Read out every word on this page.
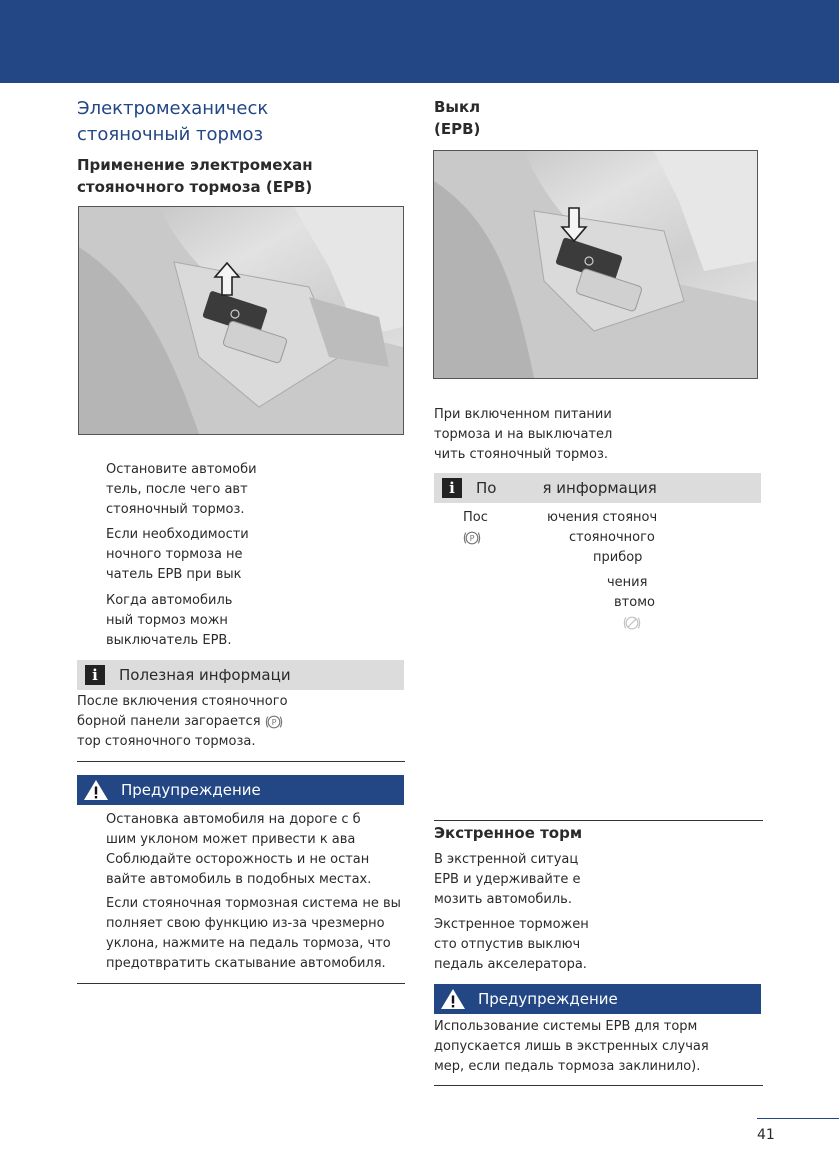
Электромеханическ
стояночный тормоз
Применение электромехан
стояночного тормоза (EPB)
Остановите автомоби
тель, после чего авт
стояночный тормоз.
Если необходимости
ночного тормоза не
чатель EPB при вык
Когда автомобиль
ный тормоз можн
выключатель EPB.
i	Полезная информаци
После включения стояночного
борной панели загорается P
тор стояночного тормоза.
Предупреждение
Остановка автомобиля на дороге с б
шим уклоном может привести к ава
Соблюдайте осторожность и не остан
вайте автомобиль в подобных местах.
Если стояночная тормозная система не вы
полняет свою функцию из-за чрезмерно
уклона, нажмите на педаль тормоза, что
предотвратить скатывание автомобиля.
Выкл
(EPB)
При включенном питании
тормоза и на выключател
чить стояночный тормоз.
i	По	я информация
Пос
P
ючения стояноч
стояночного
прибор
чения
втомо
Экстренное торм
В экстренной ситуац
EPB и удерживайте е
мозить автомобиль.
Экстренное торможен
сто отпустив выключ
педаль акселератора.
Предупреждение
Использование системы EPB для торм
допускается лишь в экстренных случая
мер, если педаль тормоза заклинило).
41
